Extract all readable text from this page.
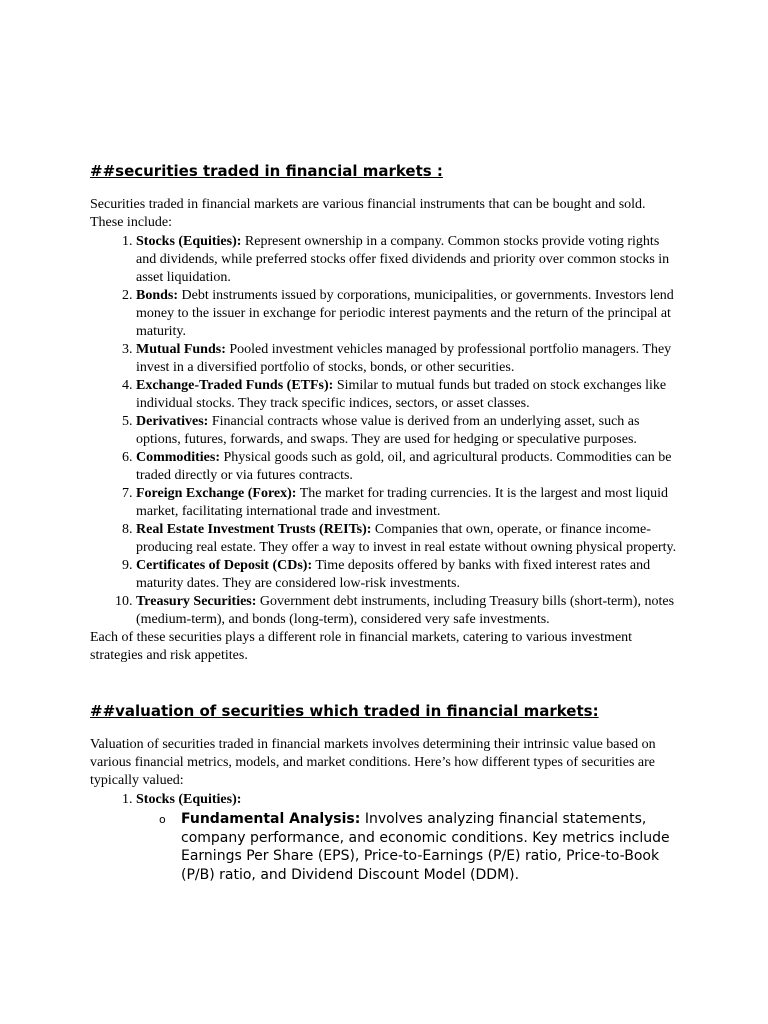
##securities traded in financial markets :

Securities traded in financial markets are various financial instruments that can be bought and sold. These include:

1. Stocks (Equities): Represent ownership in a company. Common stocks provide voting rights and dividends, while preferred stocks offer fixed dividends and priority over common stocks in asset liquidation.
2. Bonds: Debt instruments issued by corporations, municipalities, or governments. Investors lend money to the issuer in exchange for periodic interest payments and the return of the principal at maturity.
3. Mutual Funds: Pooled investment vehicles managed by professional portfolio managers. They invest in a diversified portfolio of stocks, bonds, or other securities.
4. Exchange-Traded Funds (ETFs): Similar to mutual funds but traded on stock exchanges like individual stocks. They track specific indices, sectors, or asset classes.
5. Derivatives: Financial contracts whose value is derived from an underlying asset, such as options, futures, forwards, and swaps. They are used for hedging or speculative purposes.
6. Commodities: Physical goods such as gold, oil, and agricultural products. Commodities can be traded directly or via futures contracts.
7. Foreign Exchange (Forex): The market for trading currencies. It is the largest and most liquid market, facilitating international trade and investment.
8. Real Estate Investment Trusts (REITs): Companies that own, operate, or finance income-producing real estate. They offer a way to invest in real estate without owning physical property.
9. Certificates of Deposit (CDs): Time deposits offered by banks with fixed interest rates and maturity dates. They are considered low-risk investments.
10. Treasury Securities: Government debt instruments, including Treasury bills (short-term), notes (medium-term), and bonds (long-term), considered very safe investments.

Each of these securities plays a different role in financial markets, catering to various investment strategies and risk appetites.

##valuation of securities which traded in financial markets:

Valuation of securities traded in financial markets involves determining their intrinsic value based on various financial metrics, models, and market conditions. Here’s how different types of securities are typically valued:

1. Stocks (Equities):
o Fundamental Analysis: Involves analyzing financial statements, company performance, and economic conditions. Key metrics include Earnings Per Share (EPS), Price-to-Earnings (P/E) ratio, Price-to-Book (P/B) ratio, and Dividend Discount Model (DDM).
